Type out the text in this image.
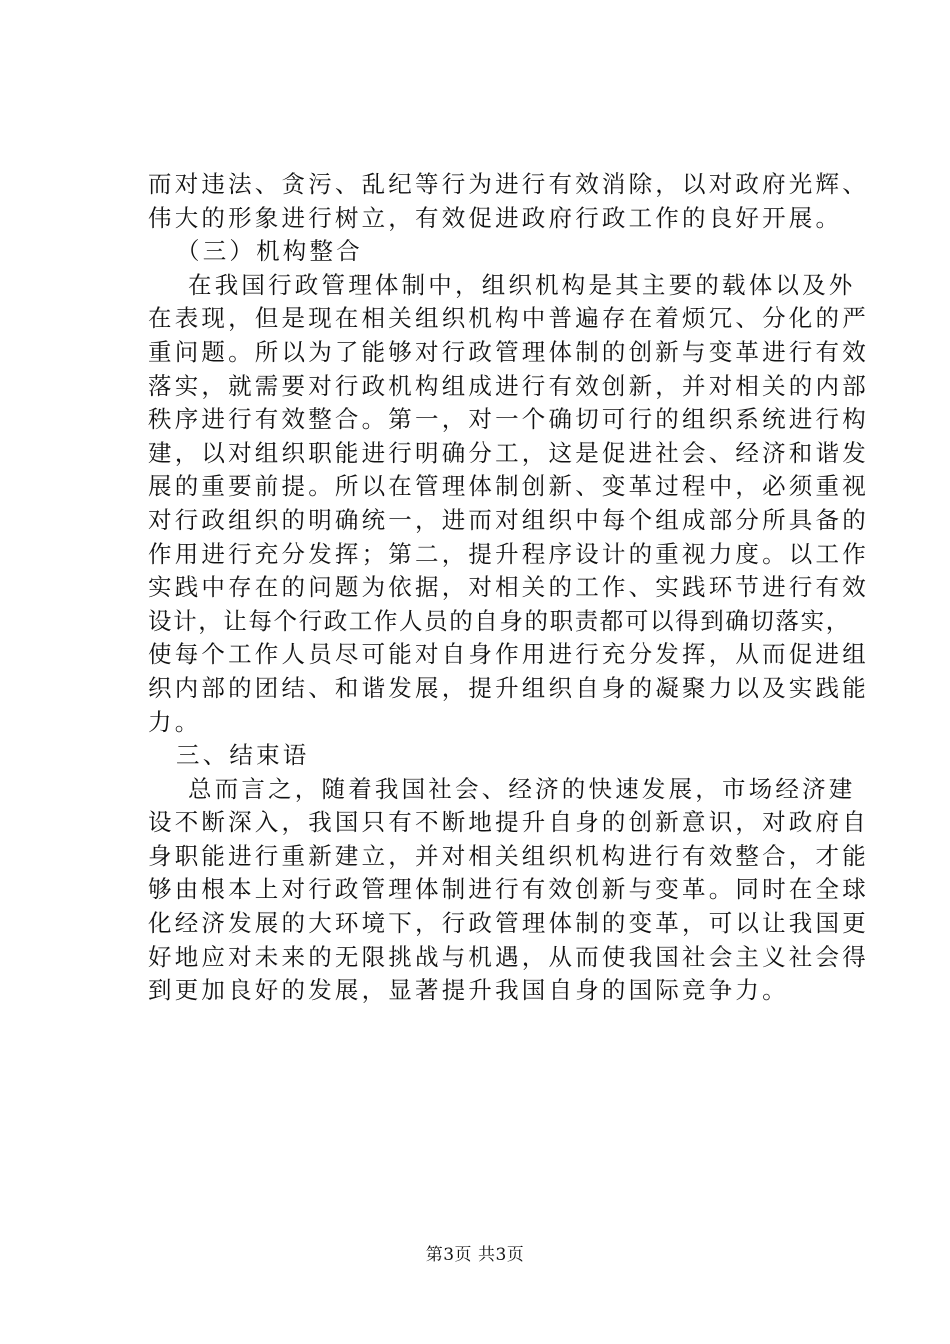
而对违法、贪污、乱纪等行为进行有效消除，以对政府光辉、
伟大的形象进行树立，有效促进政府行政工作的良好开展。
（三）机构整合
在我国行政管理体制中，组织机构是其主要的载体以及外
在表现，但是现在相关组织机构中普遍存在着烦冗、分化的严
重问题。所以为了能够对行政管理体制的创新与变革进行有效
落实，就需要对行政机构组成进行有效创新，并对相关的内部
秩序进行有效整合。第一，对一个确切可行的组织系统进行构
建，以对组织职能进行明确分工，这是促进社会、经济和谐发
展的重要前提。所以在管理体制创新、变革过程中，必须重视
对行政组织的明确统一，进而对组织中每个组成部分所具备的
作用进行充分发挥；第二，提升程序设计的重视力度。以工作
实践中存在的问题为依据，对相关的工作、实践环节进行有效
设计，让每个行政工作人员的自身的职责都可以得到确切落实，
使每个工作人员尽可能对自身作用进行充分发挥，从而促进组
织内部的团结、和谐发展，提升组织自身的凝聚力以及实践能
力。
三、结束语
总而言之，随着我国社会、经济的快速发展，市场经济建
设不断深入，我国只有不断地提升自身的创新意识，对政府自
身职能进行重新建立，并对相关组织机构进行有效整合，才能
够由根本上对行政管理体制进行有效创新与变革。同时在全球
化经济发展的大环境下，行政管理体制的变革，可以让我国更
好地应对未来的无限挑战与机遇，从而使我国社会主义社会得
到更加良好的发展，显著提升我国自身的国际竞争力。
第3页 共3页
